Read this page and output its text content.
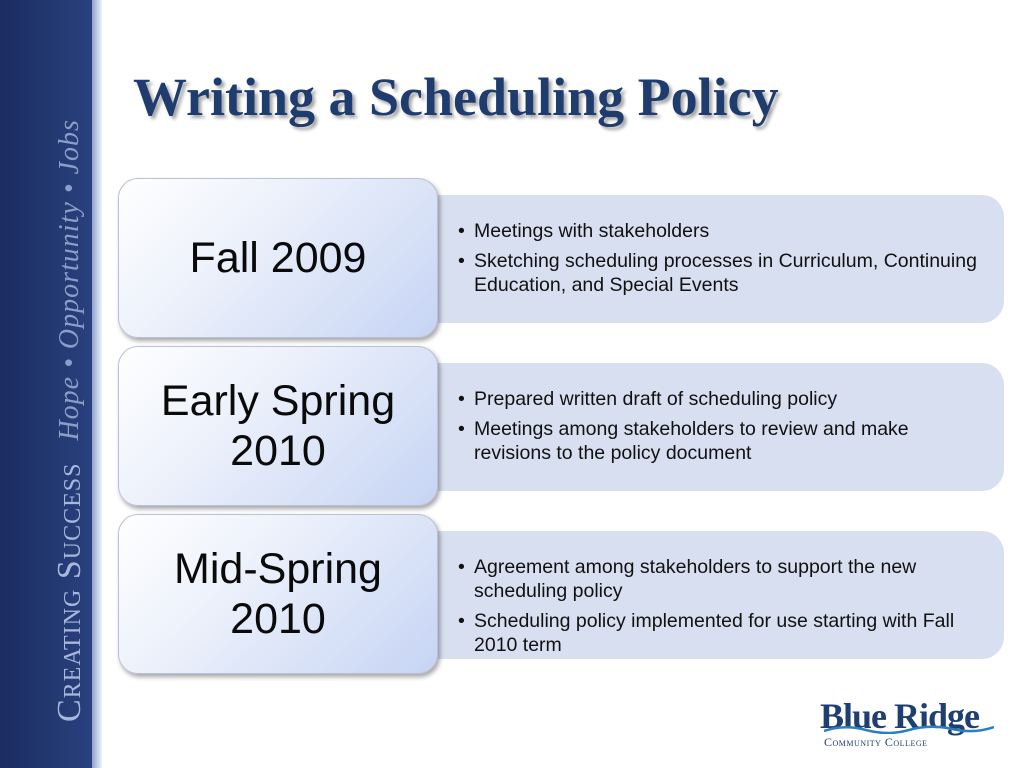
Creating Success
Hope • Opportunity • Jobs
Writing a Scheduling Policy
• Meetings with stakeholders
• Sketching scheduling processes in Curriculum, Continuing Education, and Special Events
Fall 2009
• Prepared written draft of scheduling policy
• Meetings among stakeholders to review and make revisions to the policy document
Early Spring
2010
• Agreement among stakeholders to support the new scheduling policy
• Scheduling policy implemented for use starting with Fall 2010 term
Mid-Spring
2010
Blue Ridge
Community College
